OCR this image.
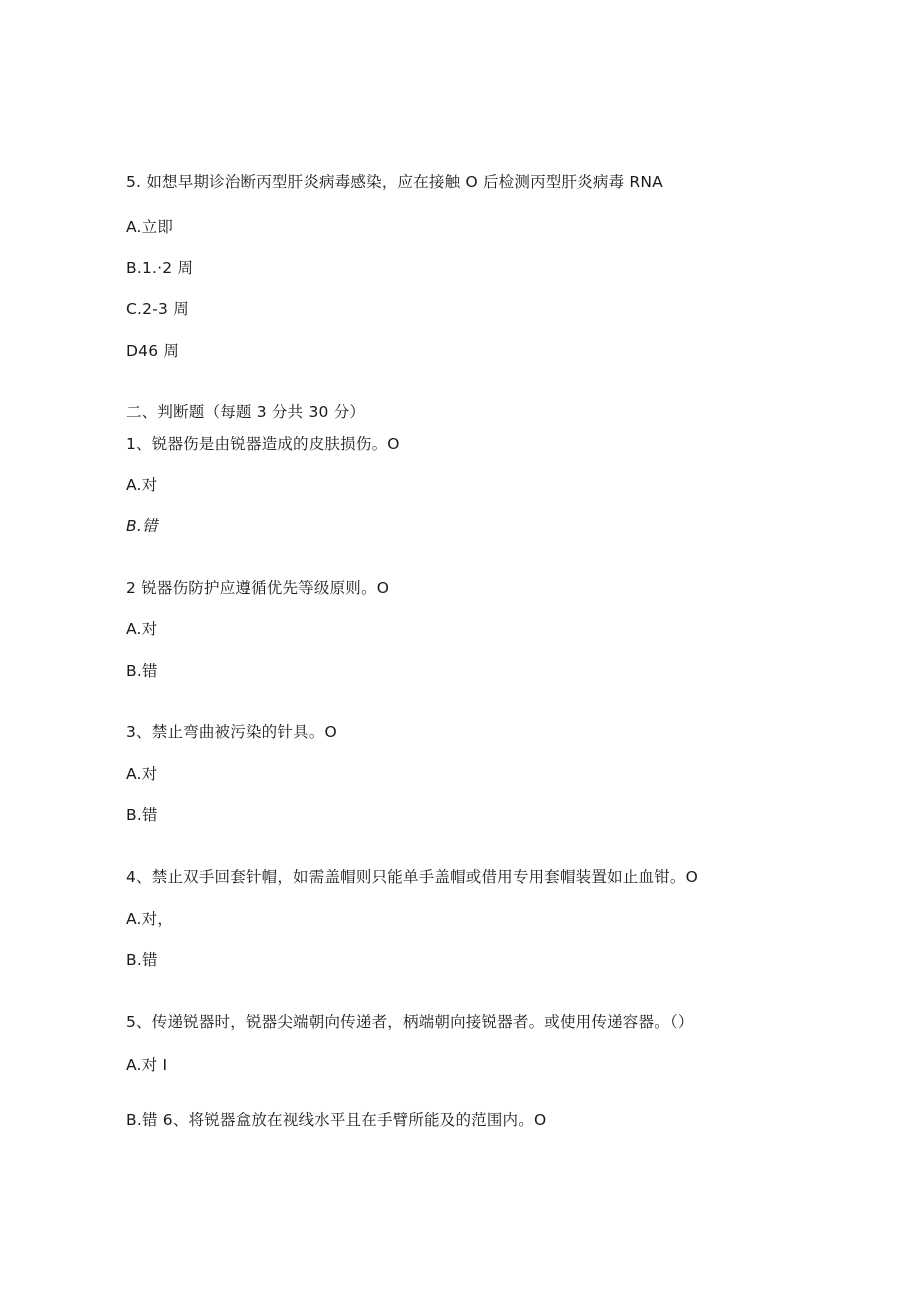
5. 如想早期诊治断丙型肝炎病毒感染，应在接触 O 后检测丙型肝炎病毒 RNA
A.立即
B.1.·2 周
C.2-3 周
D46 周
二、判断题（每题 3 分共 30 分）
1、锐器伤是由锐器造成的皮肤损伤。O
A.对
B.错
2 锐器伤防护应遵循优先等级原则。O
A.对
B.错
3、禁止弯曲被污染的针具。O
A.对
B.错
4、禁止双手回套针帽，如需盖帽则只能单手盖帽或借用专用套帽装置如止血钳。O
A.对，
B.错
5、传递锐器时，锐器尖端朝向传递者，柄端朝向接锐器者。或使用传递容器。（）
A.对 I
B.错 6、将锐器盒放在视线水平且在手臂所能及的范围内。O
